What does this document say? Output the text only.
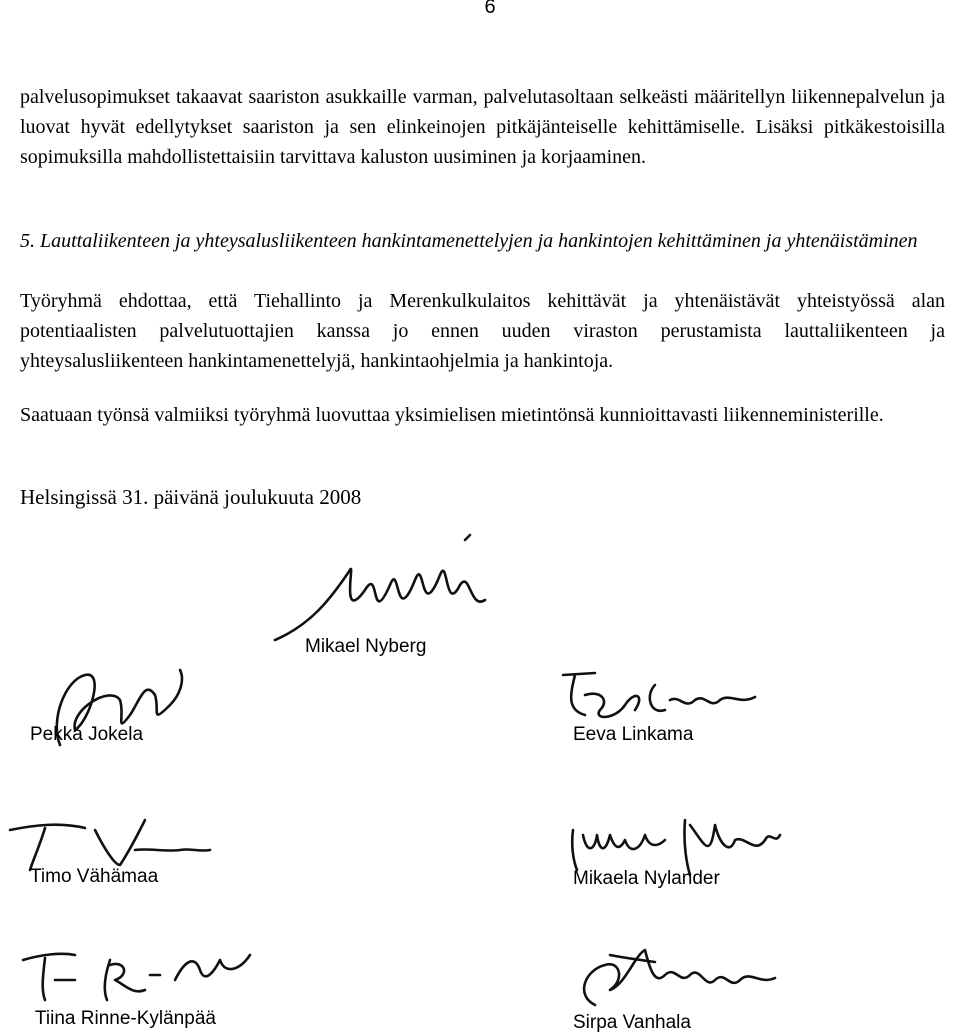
6

palvelusopimukset takaavat saariston asukkaille varman, palvelutasoltaan selkeästi määritellyn liikennepalvelun ja luovat hyvät edellytykset saariston ja sen elinkeinojen pitkäjänteiselle kehittämiselle. Lisäksi pitkäkestoisilla sopimuksilla mahdollistettaisiin tarvittava kaluston uusiminen ja korjaaminen.

5. Lauttaliikenteen ja yhteysalusliikenteen hankintamenettelyjen ja hankintojen kehittäminen ja yhtenäistäminen

Työryhmä ehdottaa, että Tiehallinto ja Merenkulkulaitos kehittävät ja yhtenäistävät yhteistyössä alan potentiaalisten palvelutuottajien kanssa jo ennen uuden viraston perustamista lauttaliikenteen ja yhteysalusliikenteen hankintamenettelyjä, hankintaohjelmia ja hankintoja.

Saatuaan työnsä valmiiksi työryhmä luovuttaa yksimielisen mietintönsä kunnioittavasti liikenneministerille.

Helsingissä 31. päivänä joulukuuta 2008

Mikael Nyberg
Pekka Jokela	Eeva Linkama
Timo Vähämaa	Mikaela Nylander
Tiina Rinne-Kylänpää	Sirpa Vanhala
